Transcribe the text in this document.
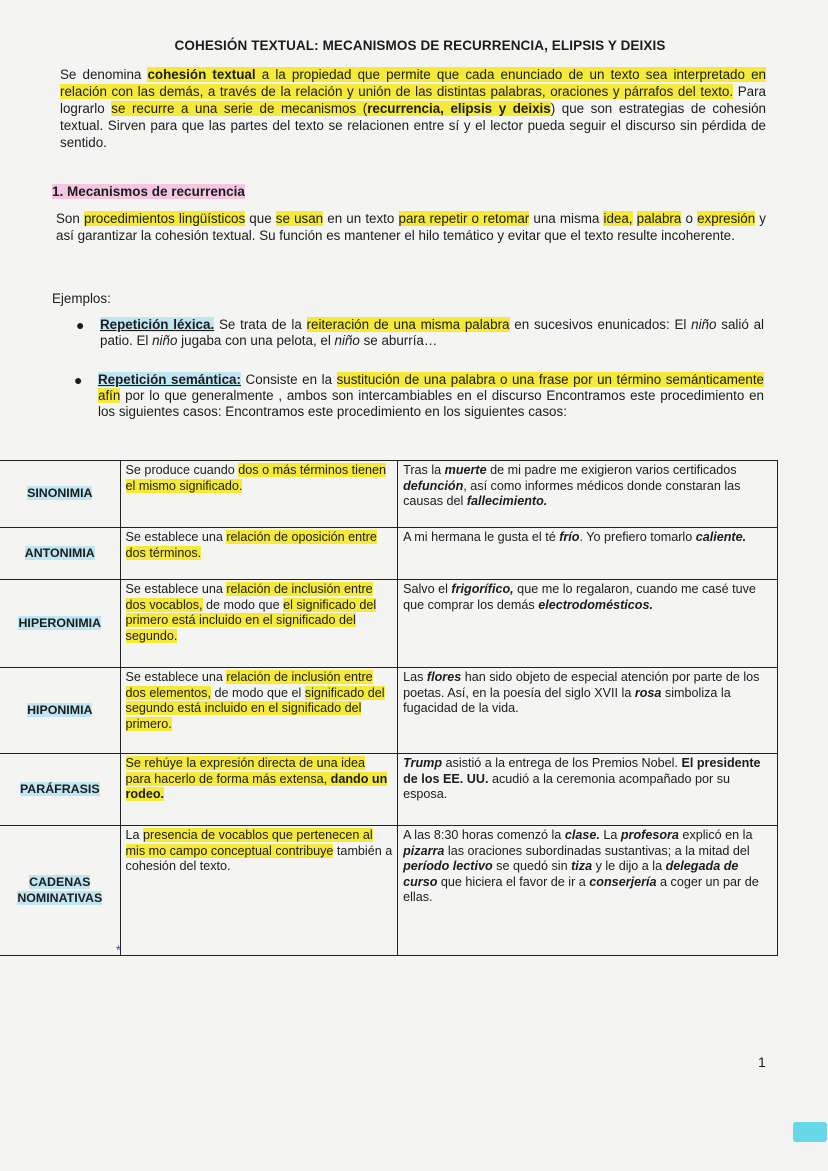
COHESIÓN TEXTUAL: MECANISMOS DE RECURRENCIA, ELIPSIS Y DEIXIS

Se denomina cohesión textual a la propiedad que permite que cada enunciado de un texto sea interpretado en relación con las demás, a través de la relación y unión de las distintas palabras, oraciones y párrafos del texto. Para lograrlo se recurre a una serie de mecanismos (recurrencia, elipsis y deixis) que son estrategias de cohesión textual. Sirven para que las partes del texto se relacionen entre sí y el lector pueda seguir el discurso sin pérdida de sentido.

1. Mecanismos de recurrencia

Son procedimientos lingüísticos que se usan en un texto para repetir o retomar una misma idea, palabra o expresión y así garantizar la cohesión textual. Su función es mantener el hilo temático y evitar que el texto resulte incoherente.

Ejemplos:

● Repetición léxica. Se trata de la reiteración de una misma palabra en sucesivos enunicados: El niño salió al patio. El niño jugaba con una pelota, el niño se aburría…
● Repetición semántica: Consiste en la sustitución de una palabra o una frase por un término semánticamente afín por lo que generalmente , ambos son intercambiables en el discurso Encontramos este procedimiento en los siguientes casos: Encontramos este procedimiento en los siguientes casos:
SINONIMIA	Se produce cuando dos o más términos tienen el mismo significado.	Tras la muerte de mi padre me exigieron varios certificados defunción, así como informes médicos donde constaran las causas del fallecimiento.
ANTONIMIA	Se establece una relación de oposición entre dos términos.	A mi hermana le gusta el té frío. Yo prefiero tomarlo caliente.
HIPERONIMIA	Se establece una relación de inclusión entre dos vocablos, de modo que el significado del primero está incluido en el significado del segundo.	Salvo el frigorífico, que me lo regalaron, cuando me casé tuve que comprar los demás electrodomésticos.
HIPONIMIA	Se establece una relación de inclusión entre dos elementos, de modo que el significado del segundo está incluido en el significado del primero.	Las flores han sido objeto de especial atención por parte de los poetas. Así, en la poesía del siglo XVII la rosa simboliza la fugacidad de la vida.
PARÁFRASIS	Se rehúye la expresión directa de una idea para hacerlo de forma más extensa, dando un rodeo.	Trump asistió a la entrega de los Premios Nobel. El presidente de los EE. UU. acudió a la ceremonia acompañado por su esposa.
CADENAS
NOMINATIVAS	La presencia de vocablos que pertenecen al mis mo campo conceptual contribuye también a cohesión del texto.	A las 8:30 horas comenzó la clase. La profesora explicó en la pizarra las oraciones subordinadas sustantivas; a la mitad del período lectivo se quedó sin tiza y le dijo a la delegada de curso que hiciera el favor de ir a conserjería a coger un par de ellas.
*

1
